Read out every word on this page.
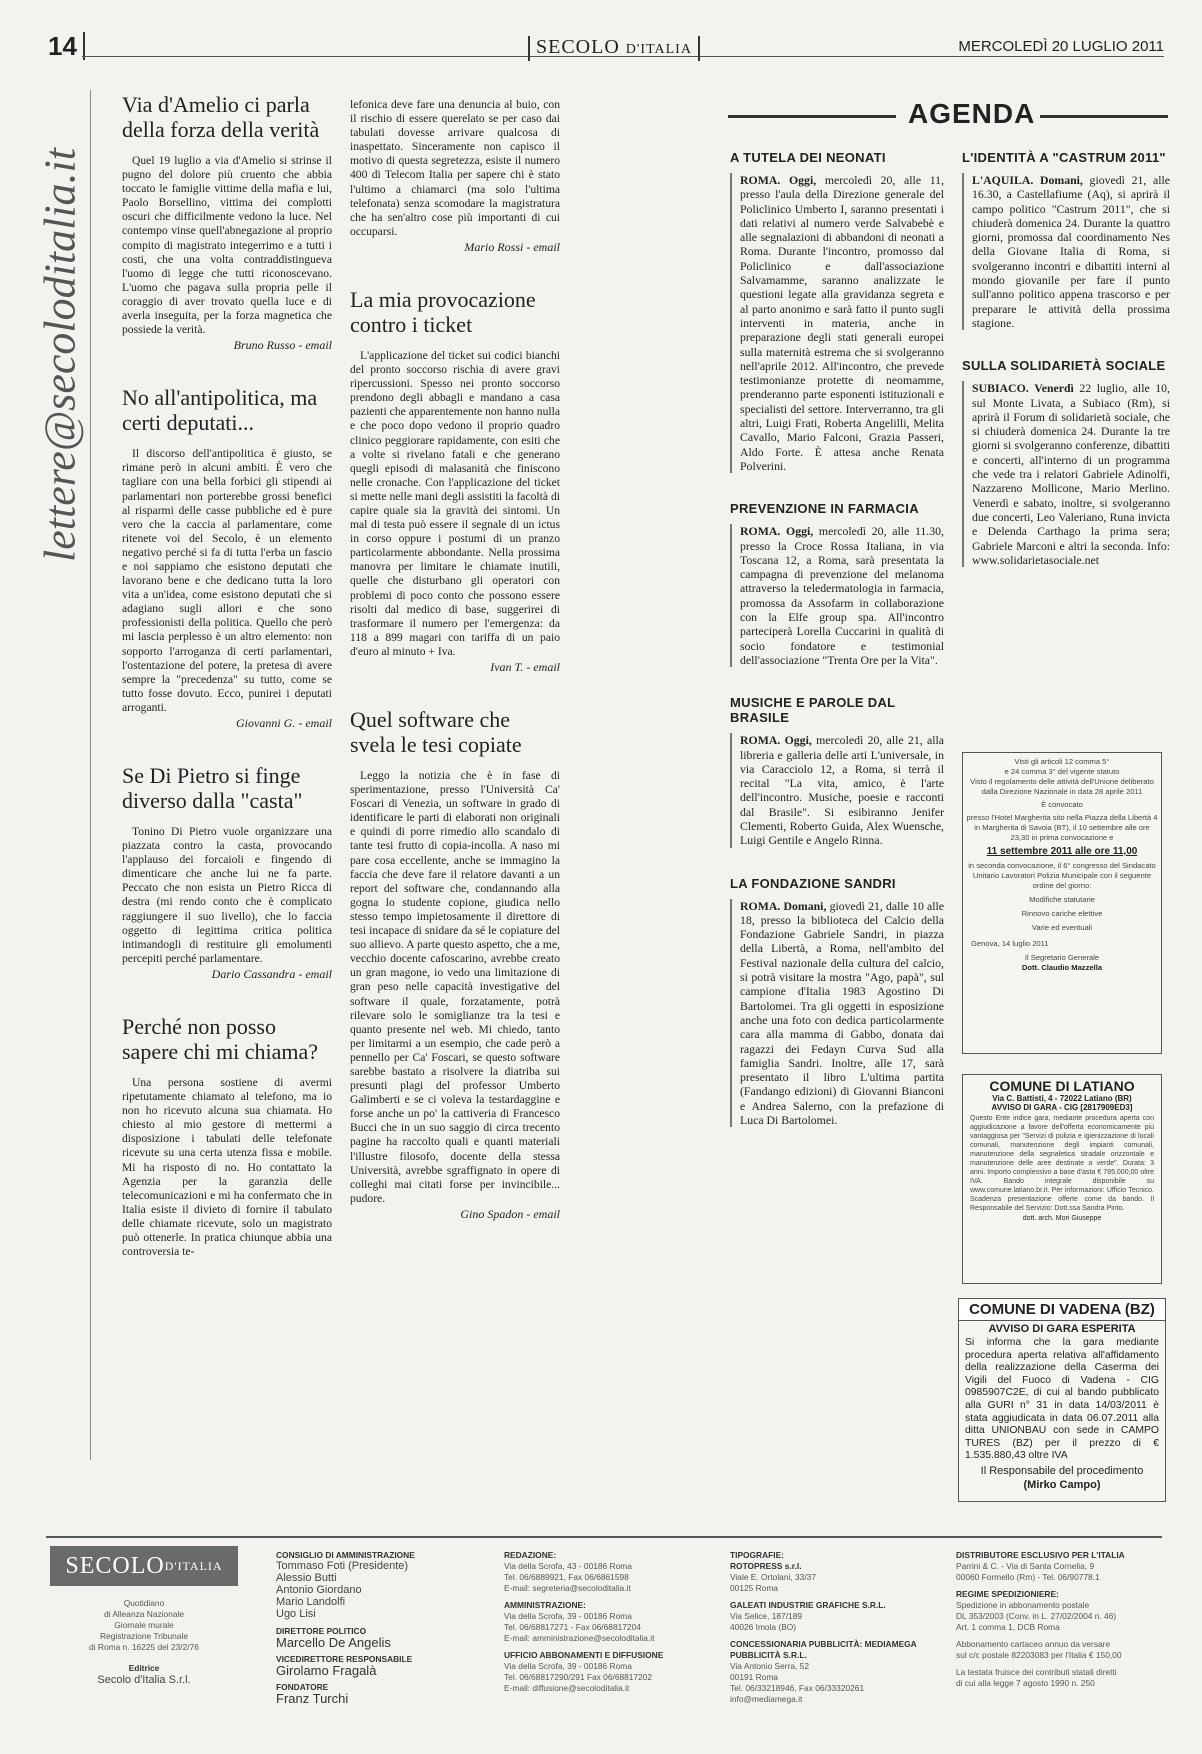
14	SECOLO D'ITALIA	MERCOLEDÌ 20 LUGLIO 2011
lettere@secoloditalia.it
Via d'Amelio ci parla della forza della verità

Quel 19 luglio a via d'Amelio si strinse il pugno del dolore più cruento che abbia toccato le famiglie vittime della mafia e lui, Paolo Borsellino, vittima dei complotti oscuri che difficilmente vedono la luce. Nel contempo vinse quell'abnegazione al proprio compito di magistrato integerrimo e a tutti i costi, che una volta contraddistingueva l'uomo di legge che tutti riconoscevano. L'uomo che pagava sulla propria pelle il coraggio di aver trovato quella luce e di averla inseguita, per la forza magnetica che possiede la verità.

Bruno Russo - email
No all'antipolitica, ma certi deputati...

Il discorso dell'antipolitica è giusto, se rimane però in alcuni ambiti. È vero che tagliare con una bella forbici gli stipendi ai parlamentari non porterebbe grossi benefici al risparmi delle casse pubbliche ed è pure vero che la caccia al parlamentare, come ritenete voi del Secolo, è un elemento negativo perché si fa di tutta l'erba un fascio e noi sappiamo che esistono deputati che lavorano bene e che dedicano tutta la loro vita a un'idea, come esistono deputati che si adagiano sugli allori e che sono professionisti della politica. Quello che però mi lascia perplesso è un altro elemento: non sopporto l'arroganza di certi parlamentari, l'ostentazione del potere, la pretesa di avere sempre la "precedenza" su tutto, come se tutto fosse dovuto. Ecco, punirei i deputati arroganti.

Giovanni G. - email
Se Di Pietro si finge diverso dalla "casta"

Tonino Di Pietro vuole organizzare una piazzata contro la casta, provocando l'applauso dei forcaioli e fingendo di dimenticare che anche lui ne fa parte. Peccato che non esista un Pietro Ricca di destra (mi rendo conto che è complicato raggiungere il suo livello), che lo faccia oggetto di legittima critica politica intimandogli di restituire gli emolumenti percepiti perché parlamentare.

Dario Cassandra - email
Perché non posso sapere chi mi chiama?

Una persona sostiene di avermi ripetutamente chiamato al telefono, ma io non ho ricevuto alcuna sua chiamata. Ho chiesto al mio gestore di mettermi a disposizione i tabulati delle telefonate ricevute su una certa utenza fissa e mobile. Mi ha risposto di no. Ho contattato la Agenzia per la garanzia delle telecomunicazioni e mi ha confermato che in Italia esiste il divieto di fornire il tabulato delle chiamate ricevute, solo un magistrato può ottenerle. In pratica chiunque abbia una controversia te-

lefonica deve fare una denuncia al buio, con il rischio di essere querelato se per caso dai tabulati dovesse arrivare qualcosa di inaspettato. Sinceramente non capisco il motivo di questa segretezza, esiste il numero 400 di Telecom Italia per sapere chi è stato l'ultimo a chiamarci (ma solo l'ultima telefonata) senza scomodare la magistratura che ha sen'altro cose più importanti di cui occuparsi.

Mario Rossi - email
La mia provocazione contro i ticket

L'applicazione del ticket sui codici bianchi del pronto soccorso rischia di avere gravi ripercussioni. Spesso nei pronto soccorso prendono degli abbagli e mandano a casa pazienti che apparentemente non hanno nulla e che poco dopo vedono il proprio quadro clinico peggiorare rapidamente, con esiti che a volte si rivelano fatali e che generano quegli episodi di malasanità che finiscono nelle cronache. Con l'applicazione del ticket si mette nelle mani degli assistiti la facoltà di capire quale sia la gravità dei sintomi. Un mal di testa può essere il segnale di un ictus in corso oppure i postumi di un pranzo particolarmente abbondante. Nella prossima manovra per limitare le chiamate inutili, quelle che disturbano gli operatori con problemi di poco conto che possono essere risolti dal medico di base, suggerirei di trasformare il numero per l'emergenza: da 118 a 899 magari con tariffa di un paio d'euro al minuto + Iva.

Ivan T. - email
Quel software che svela le tesi copiate

Leggo la notizia che è in fase di sperimentazione, presso l'Università Ca' Foscari di Venezia, un software in grado di identificare le parti di elaborati non originali e quindi di porre rimedio allo scandalo di tante tesi frutto di copia-incolla. A naso mi pare cosa eccellente, anche se immagino la faccia che deve fare il relatore davanti a un report del software che, condannando alla gogna lo studente copione, giudica nello stesso tempo impietosamente il direttore di tesi incapace di snidare da sé le copiature del suo allievo. A parte questo aspetto, che a me, vecchio docente cafoscarino, avrebbe creato un gran magone, io vedo una limitazione di gran peso nelle capacità investigative del software il quale, forzatamente, potrà rilevare solo le somiglianze tra la tesi e quanto presente nel web. Mi chiedo, tanto per limitarmi a un esempio, che cade però a pennello per Ca' Foscari, se questo software sarebbe bastato a risolvere la diatriba sui presunti plagi del professor Umberto Galimberti e se ci voleva la testardaggine e forse anche un po' la cattiveria di Francesco Bucci che in un suo saggio di circa trecento pagine ha raccolto quali e quanti materiali l'illustre filosofo, docente della stessa Università, avrebbe sgraffignato in opere di colleghi mai citati forse per invincibile... pudore.

Gino Spadon - email
AGENDA
A TUTELA DEI NEONATI

ROMA. Oggi, mercoledì 20, alle 11, presso l'aula della Direzione generale del Policlinico Umberto I, saranno presentati i dati relativi al numero verde Salvabebè e alle segnalazioni di abbandoni di neonati a Roma. Durante l'incontro, promosso dal Policlinico e dall'associazione Salvamamme, saranno analizzate le questioni legate alla gravidanza segreta e al parto anonimo e sarà fatto il punto sugli interventi in materia, anche in preparazione degli stati generali europei sulla maternità estrema che si svolgeranno nell'aprile 2012. All'incontro, che prevede testimonianze protette di neomamme, prenderanno parte esponenti istituzionali e specialisti del settore. Interverranno, tra gli altri, Luigi Frati, Roberta Angelilli, Melita Cavallo, Mario Falconi, Grazia Passeri, Aldo Forte. È attesa anche Renata Polverini.

PREVENZIONE IN FARMACIA

ROMA. Oggi, mercoledì 20, alle 11.30, presso la Croce Rossa Italiana, in via Toscana 12, a Roma, sarà presentata la campagna di prevenzione del melanoma attraverso la teledermatologia in farmacia, promossa da Assofarm in collaborazione con la Elfe group spa. All'incontro parteciperà Lorella Cuccarini in qualità di socio fondatore e testimonial dell'associazione "Trenta Ore per la Vita".

MUSICHE E PAROLE DAL BRASILE

ROMA. Oggi, mercoledì 20, alle 21, alla libreria e galleria delle arti L'universale, in via Caracciolo 12, a Roma, si terrà il recital "La vita, amico, è l'arte dell'incontro. Musiche, poesie e racconti dal Brasile". Si esibiranno Jenifer Clementi, Roberto Guida, Alex Wuensche, Luigi Gentile e Angelo Rinna.

LA FONDAZIONE SANDRI

ROMA. Domani, giovedì 21, dalle 10 alle 18, presso la biblioteca del Calcio della Fondazione Gabriele Sandri, in piazza della Libertà, a Roma, nell'ambito del Festival nazionale della cultura del calcio, si potrà visitare la mostra "Ago, papà", sul campione d'Italia 1983 Agostino Di Bartolomei. Tra gli oggetti in esposizione anche una foto con dedica particolarmente cara alla mamma di Gabbo, donata dai ragazzi dei Fedayn Curva Sud alla famiglia Sandri. Inoltre, alle 17, sarà presentato il libro L'ultima partita (Fandango edizioni) di Giovanni Bianconi e Andrea Salerno, con la prefazione di Luca Di Bartolomei.

L'IDENTITÀ A "CASTRUM 2011"

L'AQUILA. Domani, giovedì 21, alle 16.30, a Castellafiume (Aq), si aprirà il campo politico "Castrum 2011", che si chiuderà domenica 24. Durante la quattro giorni, promossa dal coordinamento Nes della Giovane Italia di Roma, si svolgeranno incontri e dibattiti interni al mondo giovanile per fare il punto sull'anno politico appena trascorso e per preparare le attività della prossima stagione.

SULLA SOLIDARIETÀ SOCIALE

SUBIACO. Venerdì 22 luglio, alle 10, sul Monte Livata, a Subiaco (Rm), si aprirà il Forum di solidarietà sociale, che si chiuderà domenica 24. Durante la tre giorni si svolgeranno conferenze, dibattiti e concerti, all'interno di un programma che vede tra i relatori Gabriele Adinolfi, Nazzareno Mollicone, Mario Merlino. Venerdì e sabato, inoltre, si svolgeranno due concerti, Leo Valeriano, Runa invicta e Delenda Carthago la prima sera; Gabriele Marconi e altri la seconda. Info: www.solidarietasociale.net

Visti gli articoli 12 comma 5°

e 24 comma 3° del vigente statuto

Visto il regolamento delle attività dell'Unione deliberato dalla Direzione Nazionale in data 28 aprile 2011

È convocato

presso l'Hotel Margherita sito nella Piazza della Libertà 4 in Margherita di Savoia (BT), il 10 settembre alle ore 23,30 in prima convocazione e

11 settembre 2011 alle ore 11,00

in seconda convocazione, il 6° congresso del Sindacato Unitario Lavoratori Polizia Municipale con il seguente ordine del giorno:

Modifiche statutarie

Rinnovo cariche elettive

Varie ed eventuali

Genova, 14 luglio 2011

Il Segretario Generale

Dott. Claudio Mazzella

COMUNE DI LATIANO
Via C. Battisti, 4 - 72022 Latiano (BR)
AVVISO DI GARA - CIG [2817909ED3]
Questo Ente indice gara, mediante procedura aperta con aggiudicazione a favore dell'offerta economicamente più vantaggiosa per "Servizi di pulizia e igienizzazione di locali comunali, manutenzione degli impianti comunali, manutenzione della segnaletica stradale orizzontale e manutenzione delle aree destinate a verde". Durata: 3 anni. Importo complessivo a base d'asta € 795.000,00 oltre IVA. Bando integrale disponibile su www.comune.latiano.br.it. Per informazioni: Ufficio Tecnico. Scadenza presentazione offerte come da bando. Il Responsabile del Servizio: Dott.ssa Sandra Pinto.
dott. arch. Mori Giuseppe
COMUNE DI VADENA (BZ)
AVVISO DI GARA ESPERITA
Si informa che la gara mediante procedura aperta relativa all'affidamento della realizzazione della Caserma dei Vigili del Fuoco di Vadena - CIG 0985907C2E, di cui al bando pubblicato alla GURI n° 31 in data 14/03/2011 è stata aggiudicata in data 06.07.2011 alla ditta UNIONBAU con sede in CAMPO TURES (BZ) per il prezzo di € 1.535.880,43 oltre IVA
Il Responsabile del procedimento
(Mirko Campo)
SECOLO D'ITALIA
Quotidiano
di Alleanza Nazionale
Giornale murale
Registrazione Tribunale
di Roma n. 16225 del 23/2/76
Editrice
Secolo d'Italia S.r.l.
CONSIGLIO DI AMMINISTRAZIONE
Tommaso Foti (Presidente)
Alessio Butti
Antonio Giordano
Mario Landolfi
Ugo Lisi
DIRETTORE POLITICO
Marcello De Angelis
VICEDIRETTORE RESPONSABILE
Girolamo Fragalà
FONDATORE
Franz Turchi
REDAZIONE:
Via della Scrofa, 43 - 00186 Roma
Tel. 06/6889921, Fax 06/6861598
E-mail: segreteria@secoloditalia.it
AMMINISTRAZIONE:
Via della Scrofa, 39 - 00186 Roma
Tel. 06/68817271 - Fax 06/68817204
E-mail: amministrazione@secoloditalia.it
UFFICIO ABBONAMENTI E DIFFUSIONE
Via della Scrofa, 39 - 00186 Roma
Tel. 06/68817290/291 Fax 06/68817202
E-mail: diffusione@secoloditalia.it
TIPOGRAFIE:
ROTOPRESS s.r.l.
Viale E. Ortolani, 33/37
00125 Roma
GALEATI INDUSTRIE GRAFICHE S.R.L.
Via Selice, 187/189
40026 Imola (BO)
CONCESSIONARIA PUBBLICITÀ: MEDIAMEGA PUBBLICITÀ S.R.L.
Via Antonio Serra, 52
00191 Roma
Tel. 06/33218946, Fax 06/33320261
info@mediamega.it
DISTRIBUTORE ESCLUSIVO PER L'ITALIA
Parrini & C. - Via di Santa Cornelia, 9
00060 Formello (Rm) - Tel. 06/90778.1
REGIME SPEDIZIONIERE:
Spedizione in abbonamento postale
DL 353/2003 (Conv. in L. 27/02/2004 n. 46)
Art. 1 comma 1, DCB Roma
Abbonamento cartaceo annuo da versare
sul c/c postale 82203083 per l'Italia € 150,00
La testata fruisce dei contributi statali diretti
di cui alla legge 7 agosto 1990 n. 250
